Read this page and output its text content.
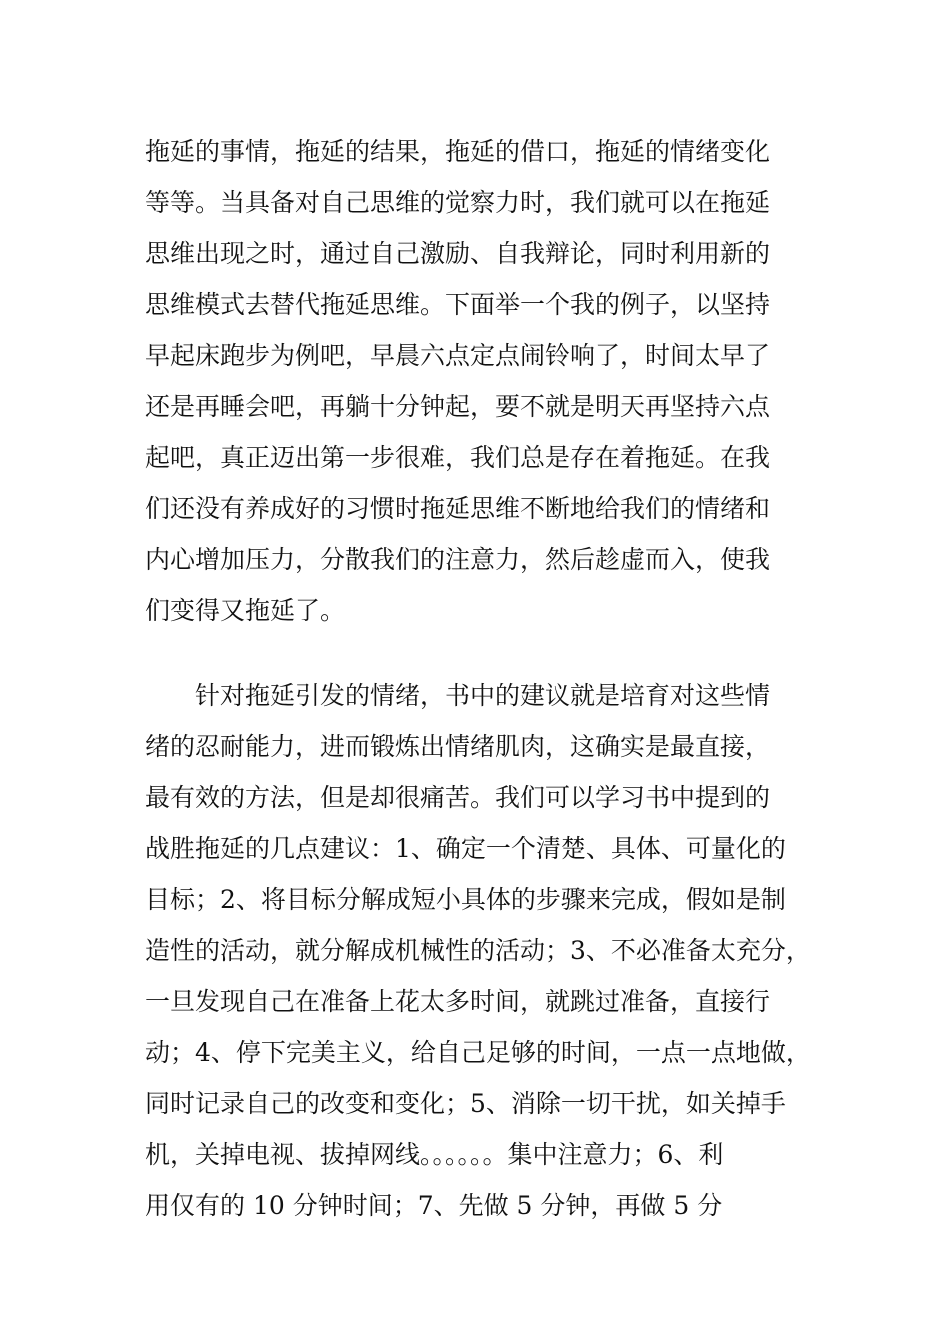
拖延的事情，拖延的结果，拖延的借口，拖延的情绪变化
等等。当具备对自己思维的觉察力时，我们就可以在拖延
思维出现之时，通过自己激励、自我辩论，同时利用新的
思维模式去替代拖延思维。下面举一个我的例子，以坚持
早起床跑步为例吧，早晨六点定点闹铃响了，时间太早了
还是再睡会吧，再躺十分钟起，要不就是明天再坚持六点
起吧，真正迈出第一步很难，我们总是存在着拖延。在我
们还没有养成好的习惯时拖延思维不断地给我们的情绪和
内心增加压力，分散我们的注意力，然后趁虚而入，使我
们变得又拖延了。
针对拖延引发的情绪，书中的建议就是培育对这些情
绪的忍耐能力，进而锻炼出情绪肌肉，这确实是最直接，
最有效的方法，但是却很痛苦。我们可以学习书中提到的
战胜拖延的几点建议：1、确定一个清楚、具体、可量化的
目标；2、将目标分解成短小具体的步骤来完成，假如是制
造性的活动，就分解成机械性的活动；3、不必准备太充分，
一旦发现自己在准备上花太多时间，就跳过准备，直接行
动；4、停下完美主义，给自己足够的时间，一点一点地做，
同时记录自己的改变和变化；5、消除一切干扰，如关掉手
机，关掉电视、拔掉网线。。。。。。集中注意力；6、利
用仅有的 10 分钟时间；7、先做 5 分钟，再做 5 分
